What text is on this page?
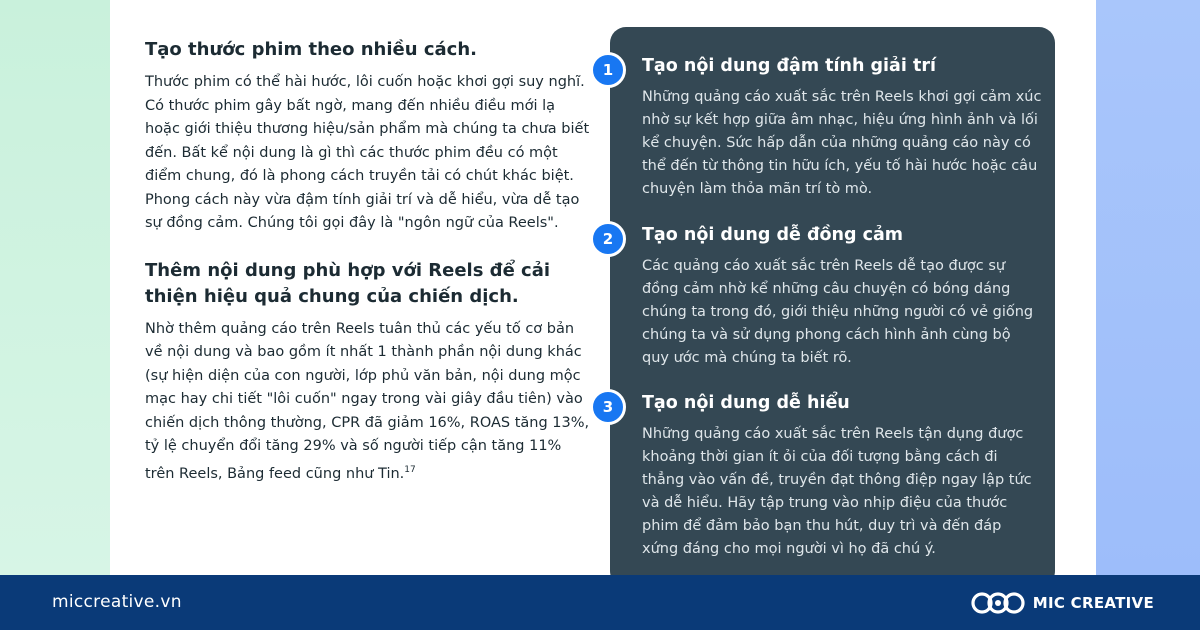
Tạo thước phim theo nhiều cách.

Thước phim có thể hài hước, lôi cuốn hoặc khơi gợi suy nghĩ. Có thước phim gây bất ngờ, mang đến nhiều điều mới lạ hoặc giới thiệu thương hiệu/sản phẩm mà chúng ta chưa biết đến. Bất kể nội dung là gì thì các thước phim đều có một điểm chung, đó là phong cách truyền tải có chút khác biệt. Phong cách này vừa đậm tính giải trí và dễ hiểu, vừa dễ tạo sự đồng cảm. Chúng tôi gọi đây là "ngôn ngữ của Reels".

Thêm nội dung phù hợp với Reels để cải thiện hiệu quả chung của chiến dịch.

Nhờ thêm quảng cáo trên Reels tuân thủ các yếu tố cơ bản về nội dung và bao gồm ít nhất 1 thành phần nội dung khác (sự hiện diện của con người, lớp phủ văn bản, nội dung mộc mạc hay chi tiết "lôi cuốn" ngay trong vài giây đầu tiên) vào chiến dịch thông thường, CPR đã giảm 16%, ROAS tăng 13%, tỷ lệ chuyển đổi tăng 29% và số người tiếp cận tăng 11% trên Reels, Bảng feed cũng như Tin.$^{17}$

1	Tạo nội dung đậm tính giải trí

Những quảng cáo xuất sắc trên Reels khơi gợi cảm xúc nhờ sự kết hợp giữa âm nhạc, hiệu ứng hình ảnh và lối kể chuyện. Sức hấp dẫn của những quảng cáo này có thể đến từ thông tin hữu ích, yếu tố hài hước hoặc câu chuyện làm thỏa mãn trí tò mò.

2	Tạo nội dung dễ đồng cảm

Các quảng cáo xuất sắc trên Reels dễ tạo được sự đồng cảm nhờ kể những câu chuyện có bóng dáng chúng ta trong đó, giới thiệu những người có vẻ giống chúng ta và sử dụng phong cách hình ảnh cùng bộ quy ước mà chúng ta biết rõ.

3	Tạo nội dung dễ hiểu

Những quảng cáo xuất sắc trên Reels tận dụng được khoảng thời gian ít ỏi của đối tượng bằng cách đi thẳng vào vấn đề, truyền đạt thông điệp ngay lập tức và dễ hiểu. Hãy tập trung vào nhịp điệu của thước phim để đảm bảo bạn thu hút, duy trì và đến đáp xứng đáng cho mọi người vì họ đã chú ý.

miccreative.vn	MIC CREATIVE
